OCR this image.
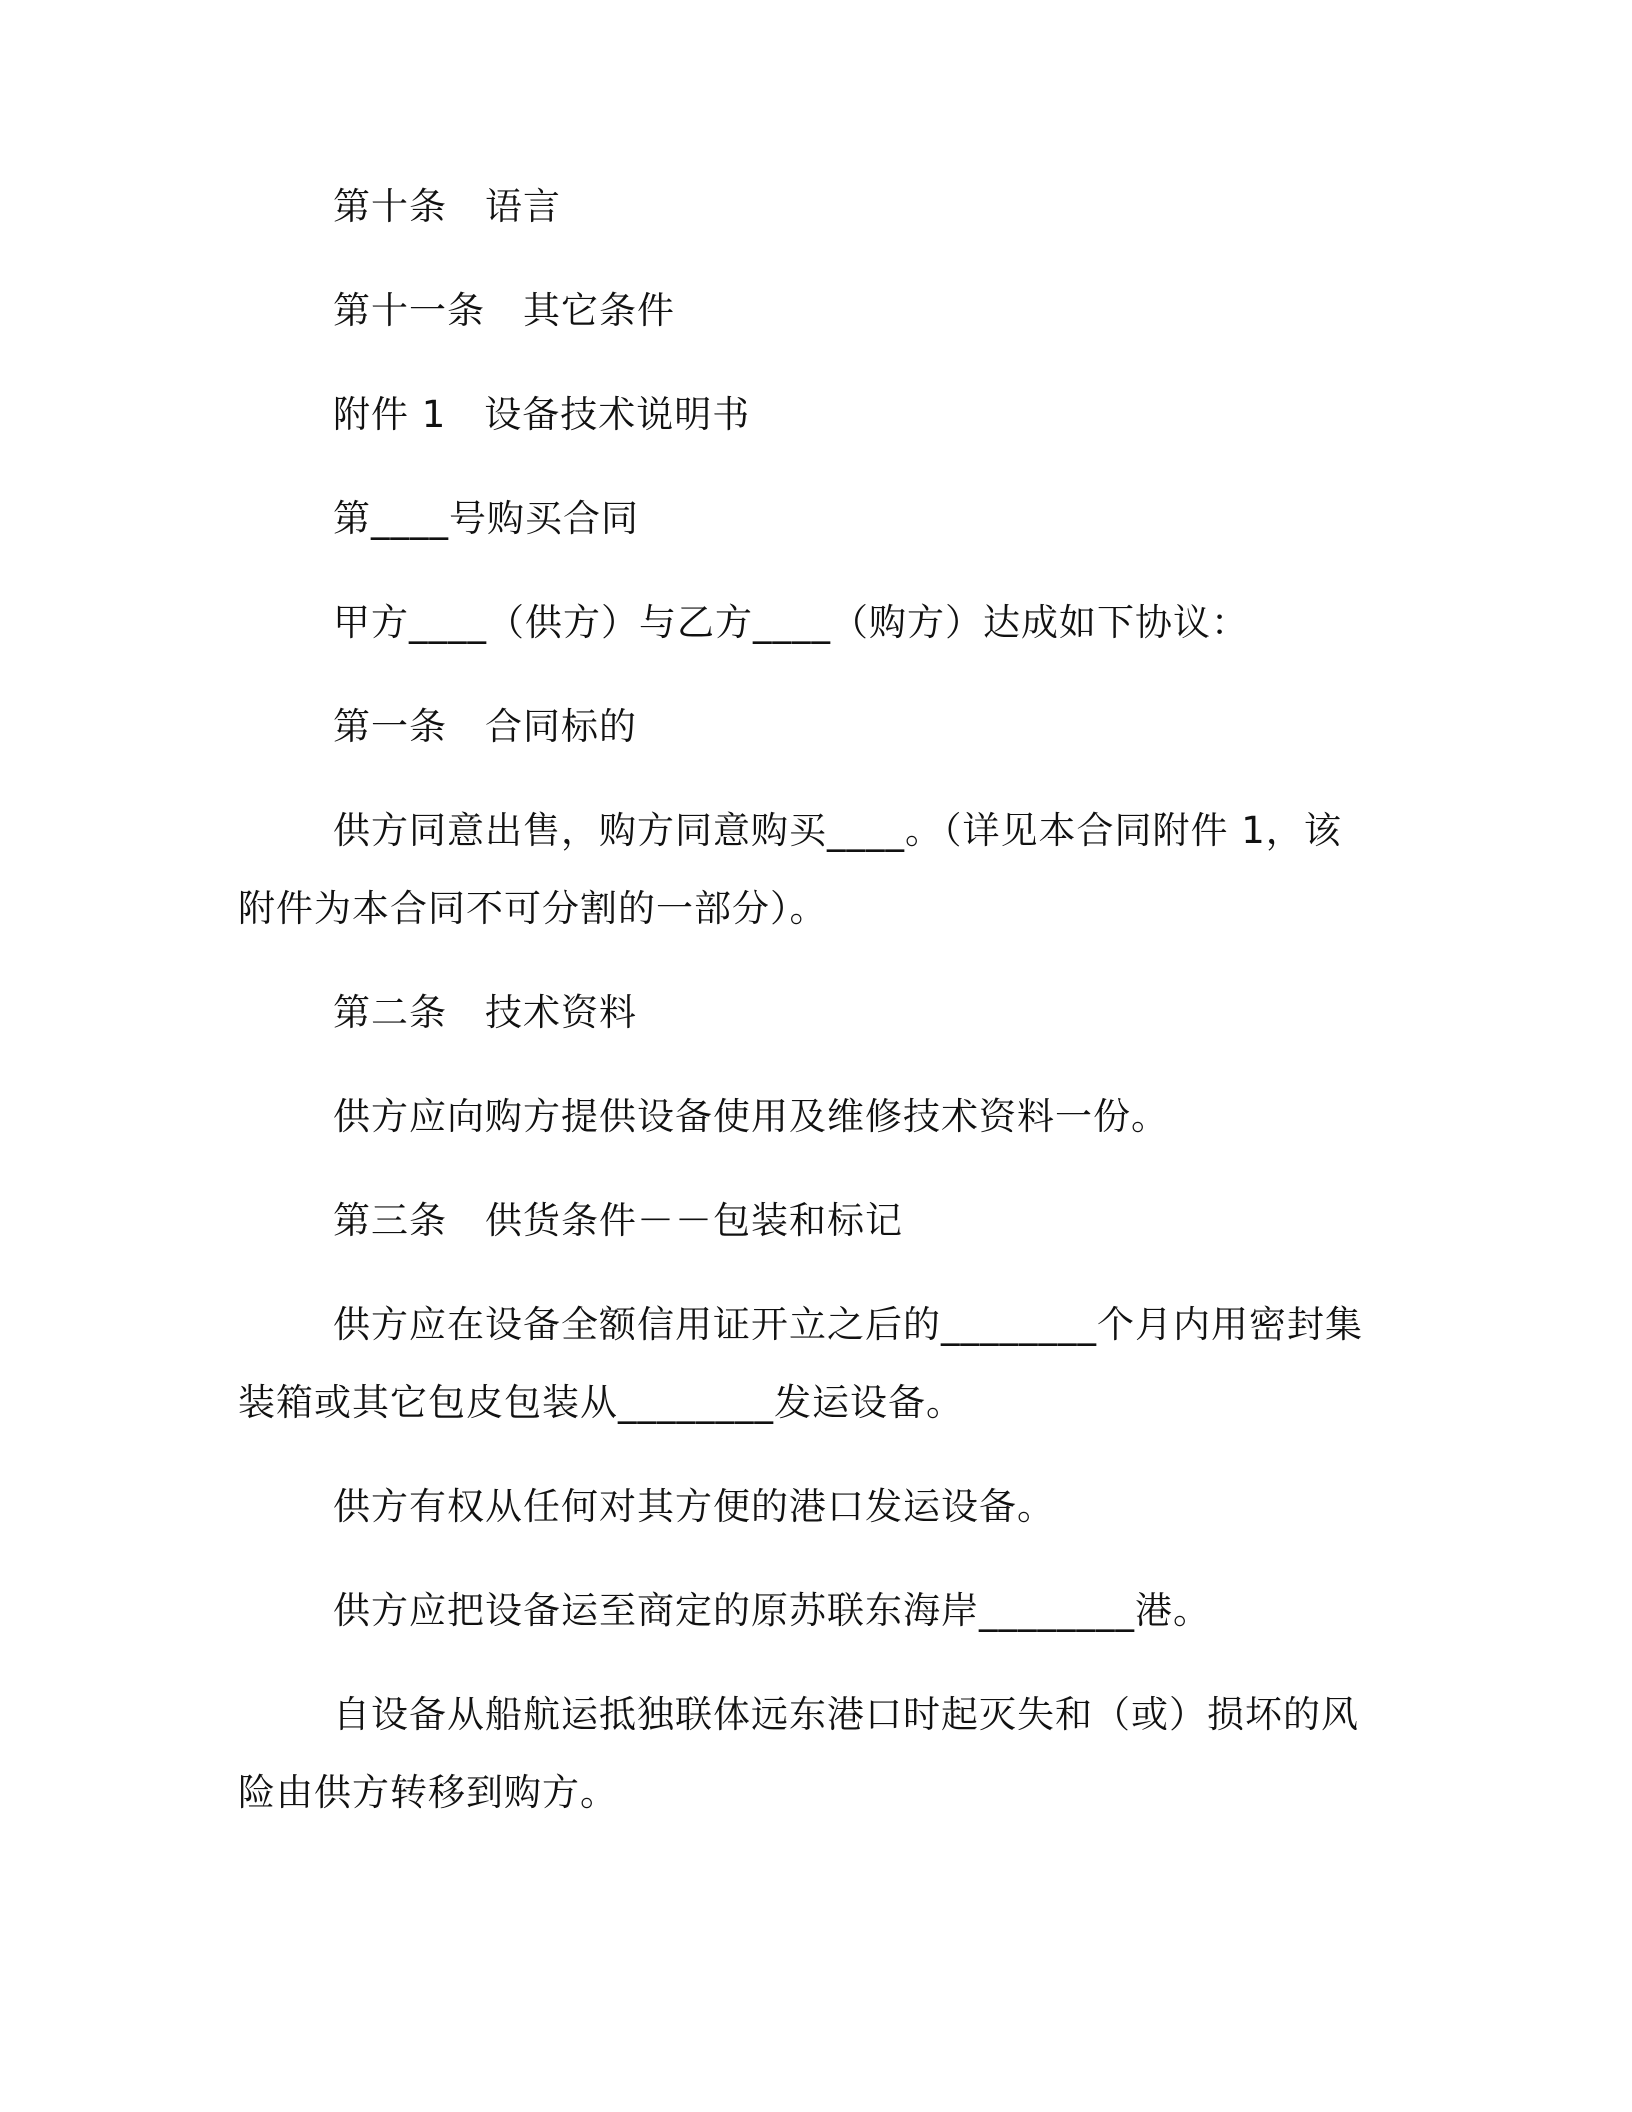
第十条　语言
第十一条　其它条件
附件 1　设备技术说明书
第____号购买合同
甲方____（供方）与乙方____（购方）达成如下协议：
第一条　合同标的
供方同意出售，购方同意购买____。（详见本合同附件 1，该附件为本合同不可分割的一部分）。
第二条　技术资料
供方应向购方提供设备使用及维修技术资料一份。
第三条　供货条件－－包装和标记
供方应在设备全额信用证开立之后的________个月内用密封集装箱或其它包皮包装从________发运设备。
供方有权从任何对其方便的港口发运设备。
供方应把设备运至商定的原苏联东海岸________港。
自设备从船航运抵独联体远东港口时起灭失和（或）损坏的风险由供方转移到购方。
